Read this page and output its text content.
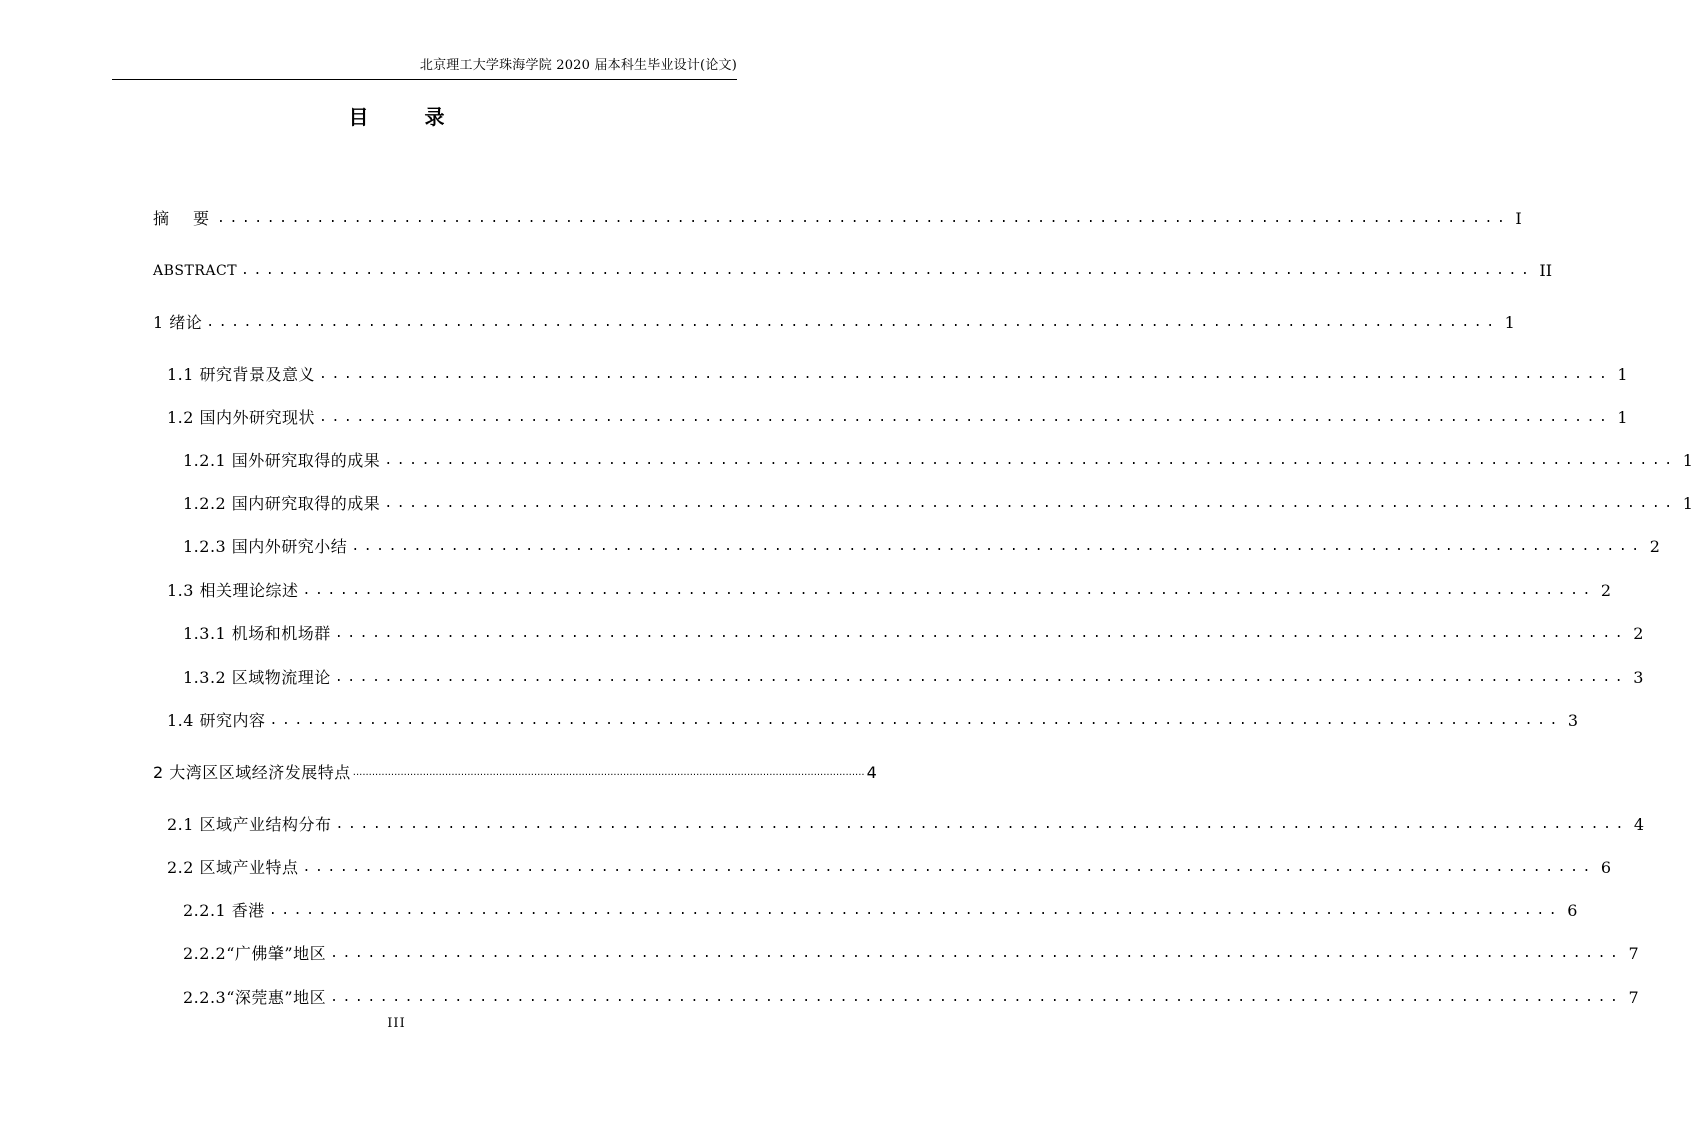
北京理工大学珠海学院 2020 届本科生毕业设计(论文)
目　录
摘　要 ........................................................................................................ I
ABSTRACT ........................................................................................................ II
1 绪论 ........................................................................................................ 1
1.1 研究背景及意义 ........................................................................................................ 1
1.2 国内外研究现状 ........................................................................................................ 1
1.2.1 国外研究取得的成果 ........................................................................................................ 1
1.2.2 国内研究取得的成果 ........................................................................................................ 1
1.2.3 国内外研究小结 ........................................................................................................ 2
1.3 相关理论综述 ........................................................................................................ 2
1.3.1 机场和机场群 ........................................................................................................ 2
1.3.2 区域物流理论 ........................................................................................................ 3
1.4 研究内容 ........................................................................................................ 3
2 大湾区区域经济发展特点 ................................................................................................................................................................. 4
2.1 区域产业结构分布 ........................................................................................................ 4
2.2 区域产业特点 ........................................................................................................ 6
2.2.1 香港 ........................................................................................................ 6
2.2.2“广佛肇”地区 ........................................................................................................ 7
2.2.3“深莞惠”地区 ........................................................................................................ 7
III
